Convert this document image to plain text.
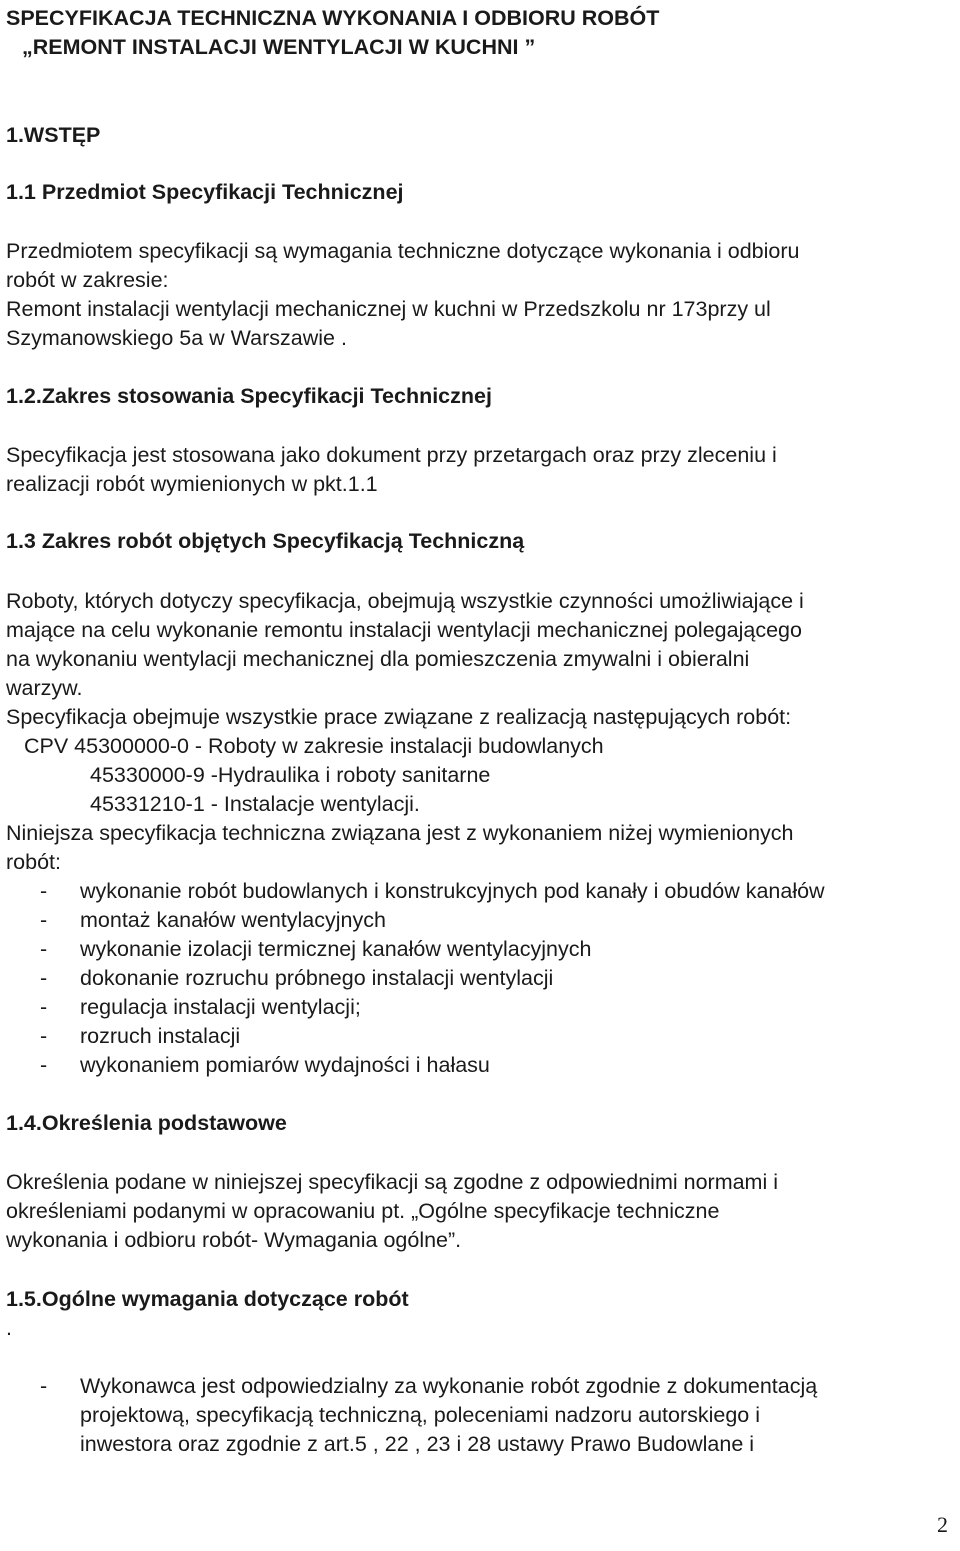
SPECYFIKACJA TECHNICZNA WYKONANIA I ODBIORU ROBÓT
„REMONT INSTALACJI WENTYLACJI W KUCHNI ”
1.WSTĘP
1.1 Przedmiot Specyfikacji Technicznej
Przedmiotem specyfikacji są wymagania techniczne dotyczące wykonania i odbioru
robót w zakresie:
Remont instalacji wentylacji mechanicznej w kuchni w Przedszkolu nr 173przy ul
Szymanowskiego 5a w Warszawie .
1.2.Zakres stosowania Specyfikacji Technicznej
Specyfikacja jest stosowana jako dokument przy przetargach oraz przy zleceniu i
realizacji robót wymienionych w pkt.1.1
1.3 Zakres robót objętych Specyfikacją Techniczną
Roboty, których dotyczy specyfikacja, obejmują wszystkie czynności umożliwiające i
mające na celu wykonanie remontu instalacji wentylacji mechanicznej polegającego
na wykonaniu wentylacji mechanicznej dla pomieszczenia zmywalni i obieralni
warzyw.
Specyfikacja obejmuje wszystkie prace związane z realizacją następujących robót:
CPV 45300000-0 - Roboty w zakresie instalacji budowlanych
45330000-9 -Hydraulika i roboty sanitarne
45331210-1 - Instalacje wentylacji.
Niniejsza specyfikacja techniczna związana jest z wykonaniem niżej wymienionych
robót:
- wykonanie robót budowlanych i konstrukcyjnych pod kanały i obudów kanałów
- montaż kanałów wentylacyjnych
- wykonanie izolacji termicznej kanałów wentylacyjnych
- dokonanie rozruchu próbnego instalacji wentylacji
- regulacja instalacji wentylacji;
- rozruch instalacji
- wykonaniem pomiarów wydajności i hałasu
1.4.Określenia podstawowe
Określenia podane w niniejszej specyfikacji są zgodne z odpowiednimi normami i
określeniami podanymi w opracowaniu pt. „Ogólne specyfikacje techniczne
wykonania i odbioru robót- Wymagania ogólne”.
1.5.Ogólne wymagania dotyczące robót
.
- Wykonawca jest odpowiedzialny za wykonanie robót zgodnie z dokumentacją
projektową, specyfikacją techniczną, poleceniami nadzoru autorskiego i
inwestora oraz zgodnie z art.5 , 22 , 23 i 28 ustawy Prawo Budowlane i
2
